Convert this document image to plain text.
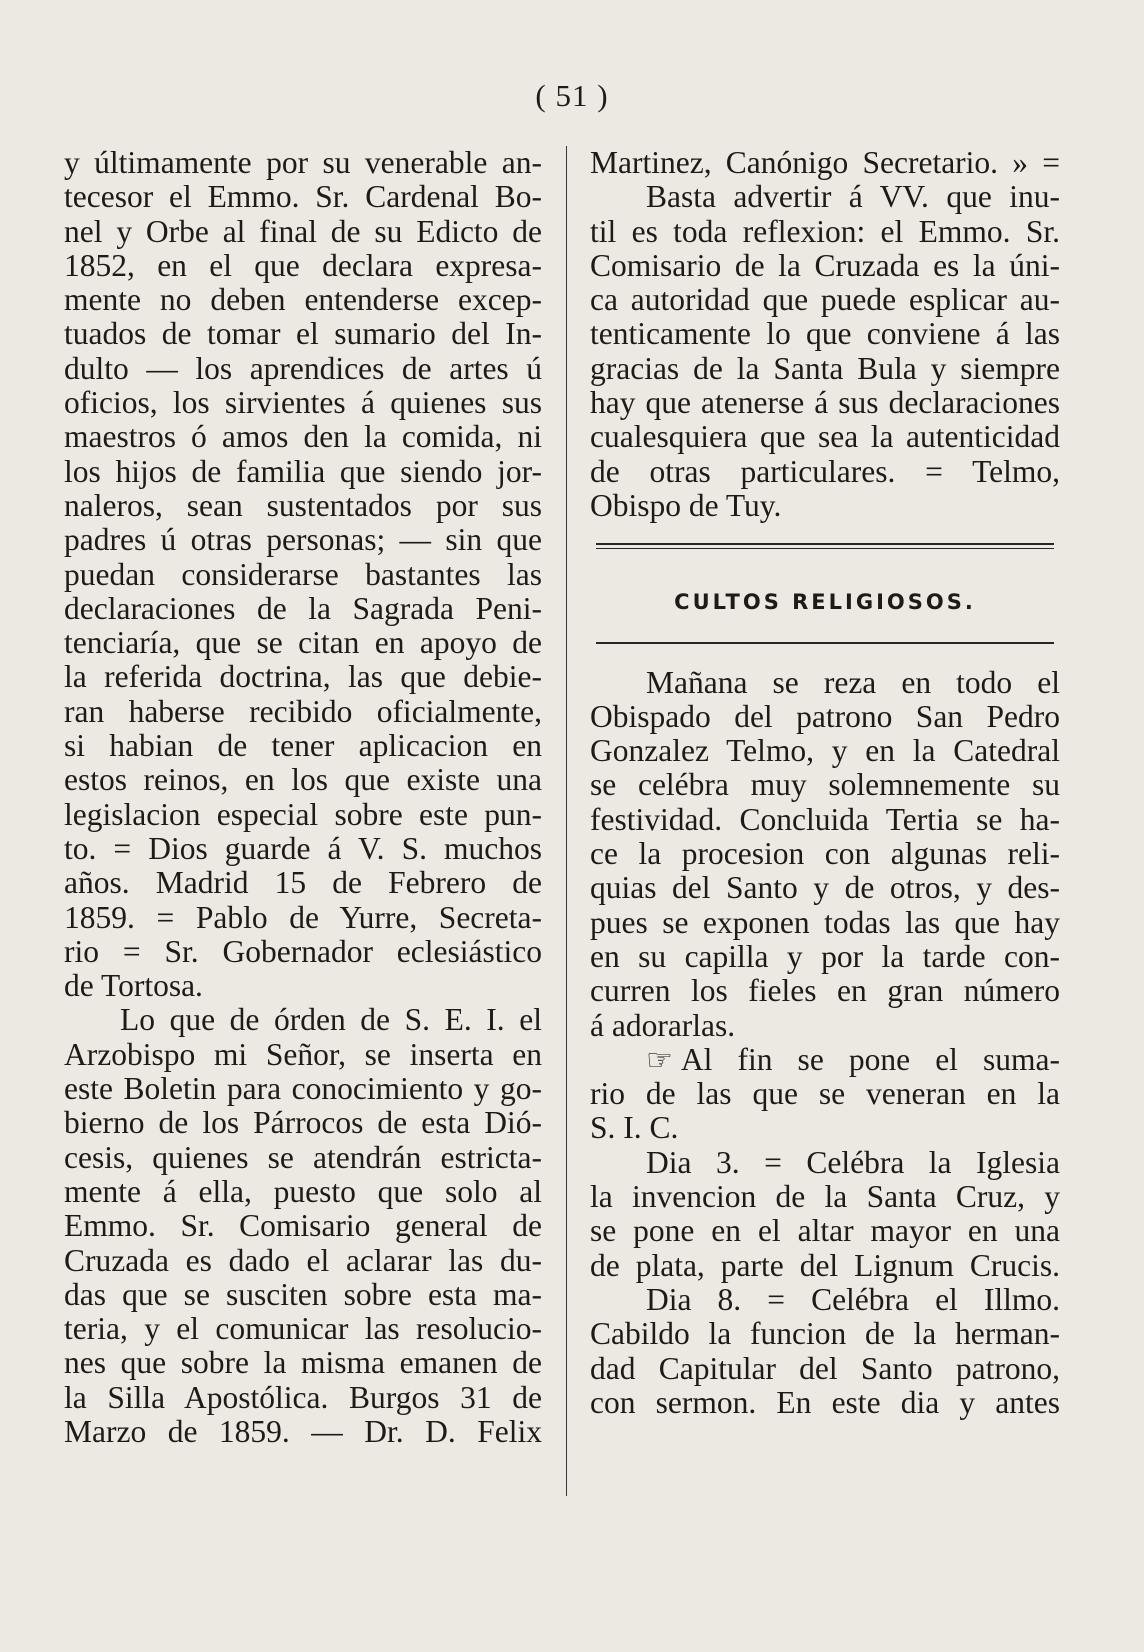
( 51 )
y últimamente por su venerable an-
tecesor el Emmo. Sr. Cardenal Bo-
nel y Orbe al final de su Edicto de
1852, en el que declara expresa-
mente no deben entenderse excep-
tuados de tomar el sumario del In-
dulto — los aprendices de artes ú
oficios, los sirvientes á quienes sus
maestros ó amos den la comida, ni
los hijos de familia que siendo jor-
naleros, sean sustentados por sus
padres ú otras personas; — sin que
puedan considerarse bastantes las
declaraciones de la Sagrada Peni-
tenciaría, que se citan en apoyo de
la referida doctrina, las que debie-
ran haberse recibido oficialmente,
si habian de tener aplicacion en
estos reinos, en los que existe una
legislacion especial sobre este pun-
to. = Dios guarde á V. S. muchos
años. Madrid 15 de Febrero de
1859. = Pablo de Yurre, Secreta-
rio = Sr. Gobernador eclesiástico
de Tortosa.
Lo que de órden de S. E. I. el
Arzobispo mi Señor, se inserta en
este Boletin para conocimiento y go-
bierno de los Párrocos de esta Dió-
cesis, quienes se atendrán estricta-
mente á ella, puesto que solo al
Emmo. Sr. Comisario general de
Cruzada es dado el aclarar las du-
das que se susciten sobre esta ma-
teria, y el comunicar las resolucio-
nes que sobre la misma emanen de
la Silla Apostólica. Burgos 31 de
Marzo de 1859. — Dr. D. Felix
Martinez, Canónigo Secretario. » =
Basta advertir á VV. que inu-
til es toda reflexion: el Emmo. Sr.
Comisario de la Cruzada es la úni-
ca autoridad que puede esplicar au-
tenticamente lo que conviene á las
gracias de la Santa Bula y siempre
hay que atenerse á sus declaraciones
cualesquiera que sea la autenticidad
de otras particulares. = Telmo,
Obispo de Tuy.
CULTOS RELIGIOSOS.
Mañana se reza en todo el
Obispado del patrono San Pedro
Gonzalez Telmo, y en la Catedral
se celébra muy solemnemente su
festividad. Concluida Tertia se ha-
ce la procesion con algunas reli-
quias del Santo y de otros, y des-
pues se exponen todas las que hay
en su capilla y por la tarde con-
curren los fieles en gran número
á adorarlas.
☞ Al fin se pone el suma-
rio de las que se veneran en la
S. I. C.
Dia 3. = Celébra la Iglesia
la invencion de la Santa Cruz, y
se pone en el altar mayor en una
de plata, parte del Lignum Crucis.
Dia 8. = Celébra el Illmo.
Cabildo la funcion de la herman-
dad Capitular del Santo patrono,
con sermon. En este dia y antes
